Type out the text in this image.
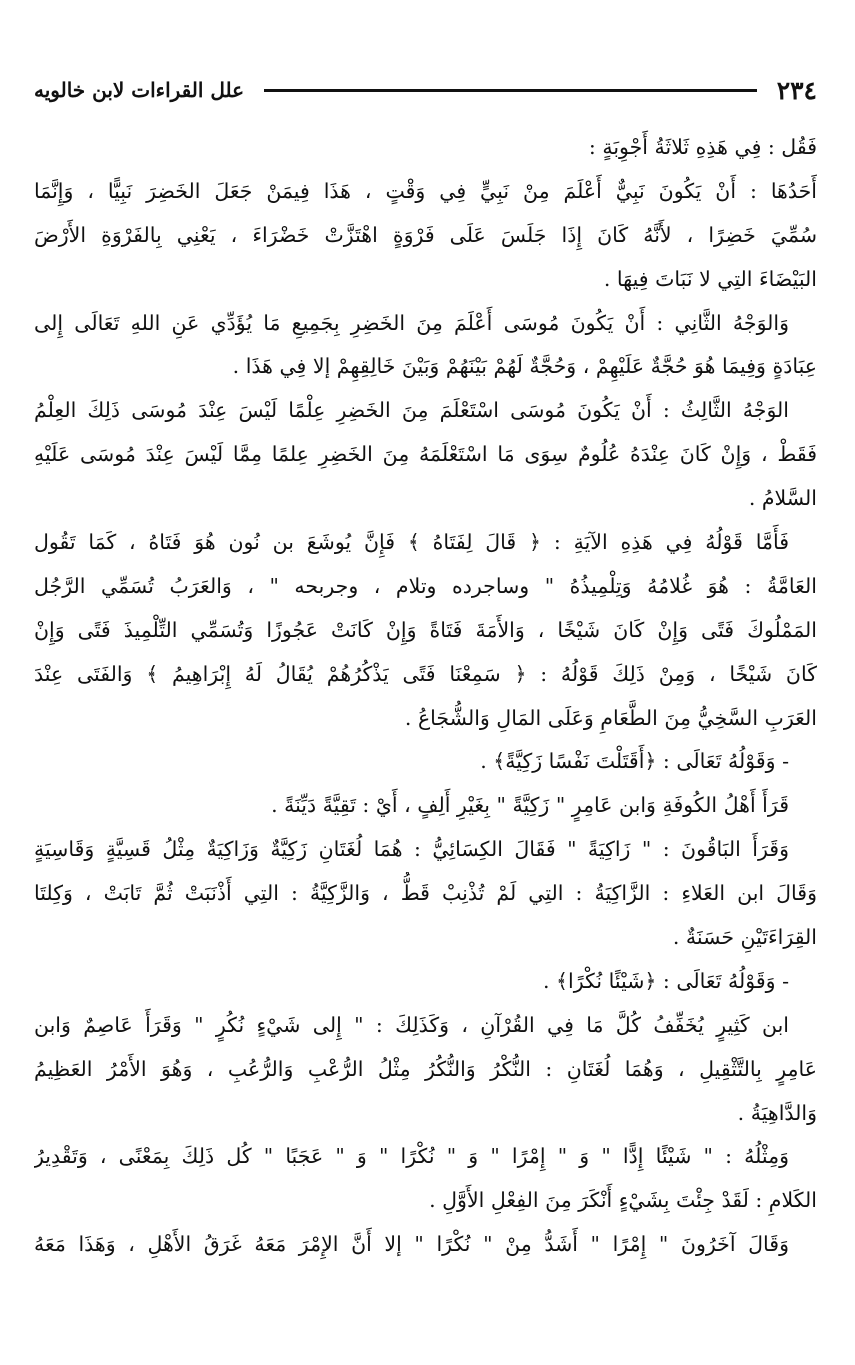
٢٣٤
علل القراءات لابن خالويه
فَقُل : فِي هَذِهِ ثَلاثَةُ أَجْوِبَةٍ :
أَحَدُهَا : أَنْ يَكُونَ نَبِيٌّ أَعْلَمَ مِنْ نَبِيٍّ فِي وَقْتٍ ، هَذَا فِيمَنْ جَعَلَ الخَضِرَ نَبِيًّا ، وَإِنَّمَا
سُمِّيَ خَضِرًا ، لأَنَّهُ كَانَ إِذَا جَلَسَ عَلَى فَرْوَةٍ اهْتَزَّتْ خَضْرَاءَ ، يَعْنِي بِالفَرْوَةِ الأَرْضَ
البَيْضَاءَ التِي لا نَبَاتَ فِيهَا .
وَالوَجْهُ الثَّانِي : أَنْ يَكُونَ مُوسَى أَعْلَمَ مِنَ الخَضِرِ بِجَمِيعِ مَا يُؤَدِّي عَنِ اللهِ تَعَالَى إِلى
عِبَادَةٍ وَفِيمَا هُوَ حُجَّةٌ عَلَيْهِمْ ، وَحُجَّةٌ لَهُمْ بَيْنَهُمْ وَبَيْنَ خَالِقِهِمْ إلا فِي هَذَا .
الوَجْهُ الثَّالِثُ : أَنْ يَكُونَ مُوسَى اسْتَعْلَمَ مِنَ الخَضِرِ عِلْمًا لَيْسَ عِنْدَ مُوسَى ذَلِكَ العِلْمُ
فَقَطْ ، وَإِنْ كَانَ عِنْدَهُ عُلُومٌ سِوَى مَا اسْتَعْلَمَهُ مِنَ الخَضِرِ عِلمًا مِمَّا لَيْسَ عِنْدَ مُوسَى عَلَيْهِ
السَّلامُ .
فَأَمَّا قَوْلُهُ فِي هَذِهِ الآيَةِ : ﴿ قَالَ لِفَتَاهُ ﴾ فَإِنَّ يُوشَعَ بن نُون هُوَ فَتَاهُ ، كَمَا تَقُول
العَامَّةُ : هُوَ غُلامُهُ وَتِلْمِيذُهُ " وساجرده وتلام ، وجربحه " ، وَالعَرَبُ تُسَمِّي الرَّجُل
المَمْلُوكَ فَتًى وَإِنْ كَانَ شَيْخًا ، وَالأَمَةَ فَتَاةً وَإِنْ كَانَتْ عَجُوزًا وَتُسَمِّي التِّلْمِيذَ فَتًى وَإِنْ
كَانَ شَيْخًا ، وَمِنْ ذَلِكَ قَوْلُهُ : ﴿ سَمِعْنَا فَتًى يَذْكُرُهُمْ يُقَالُ لَهُ إِبْرَاهِيمُ ﴾ وَالفَتَى عِنْدَ
العَرَبِ السَّخِيُّ مِنَ الطَّعَامِ وَعَلَى المَالِ وَالشُّجَاعُ .
- وَقَوْلُهُ تَعَالَى : ﴿أَقَتَلْتَ نَفْسًا زَكِيَّةً﴾ .
قَرَأَ أَهْلُ الكُوفَةِ وَابن عَامِرٍ " زَكِيَّةً " بِغَيْرِ أَلِفٍ ، أَيْ : تَقِيَّةً دَيِّنَةً .
وَقَرَأَ البَاقُونَ : " زَاكِيَةً " فَقَالَ الكِسَائِيُّ : هُمَا لُغَتَانِ زَكِيَّةٌ وَزَاكِيَةٌ مِثْلُ قَسِيَّةٍ وَقَاسِيَةٍ
وَقَالَ ابن العَلاءِ : الزَّاكِيَةُ : التِي لَمْ تُذْنِبْ قَطُّ ، وَالزَّكِيَّةُ : التِي أَذْنَبَتْ ثُمَّ تَابَتْ ، وَكِلتَا
القِرَاءَتَيْنِ حَسَنَةٌ .
- وَقَوْلُهُ تَعَالَى : ﴿شَيْئًا نُكْرًا﴾ .
ابن كَثِيرٍ يُخَفِّفُ كُلَّ مَا فِي القُرْآنِ ، وَكَذَلِكَ : " إِلى شَيْءٍ نُكُرٍ " وَقَرَأَ عَاصِمٌ وَابن
عَامِرٍ بِالتَّثْقِيلِ ، وَهُمَا لُغَتَانِ : النُّكْرُ وَالنُّكُرُ مِثْلُ الرُّعْبِ وَالرُّعُبِ ، وَهُوَ الأَمْرُ العَظِيمُ
وَالدَّاهِيَةُ .
وَمِثْلُهُ : " شَيْئًا إِدًّا " وَ " إِمْرًا " وَ " نُكْرًا " وَ " عَجَبًا " كُل ذَلِكَ بِمَعْنًى ، وَتَقْدِيرُ
الكَلامِ : لَقَدْ جِئْتَ بِشَيْءٍ أَنْكَرَ مِنَ الفِعْلِ الأَوَّلِ .
وَقَالَ آخَرُونَ " إِمْرًا " أَشَدُّ مِنْ " نُكْرًا " إلا أَنَّ الإِمْرَ مَعَهُ غَرَقُ الأَهْلِ ، وَهَذَا مَعَهُ
